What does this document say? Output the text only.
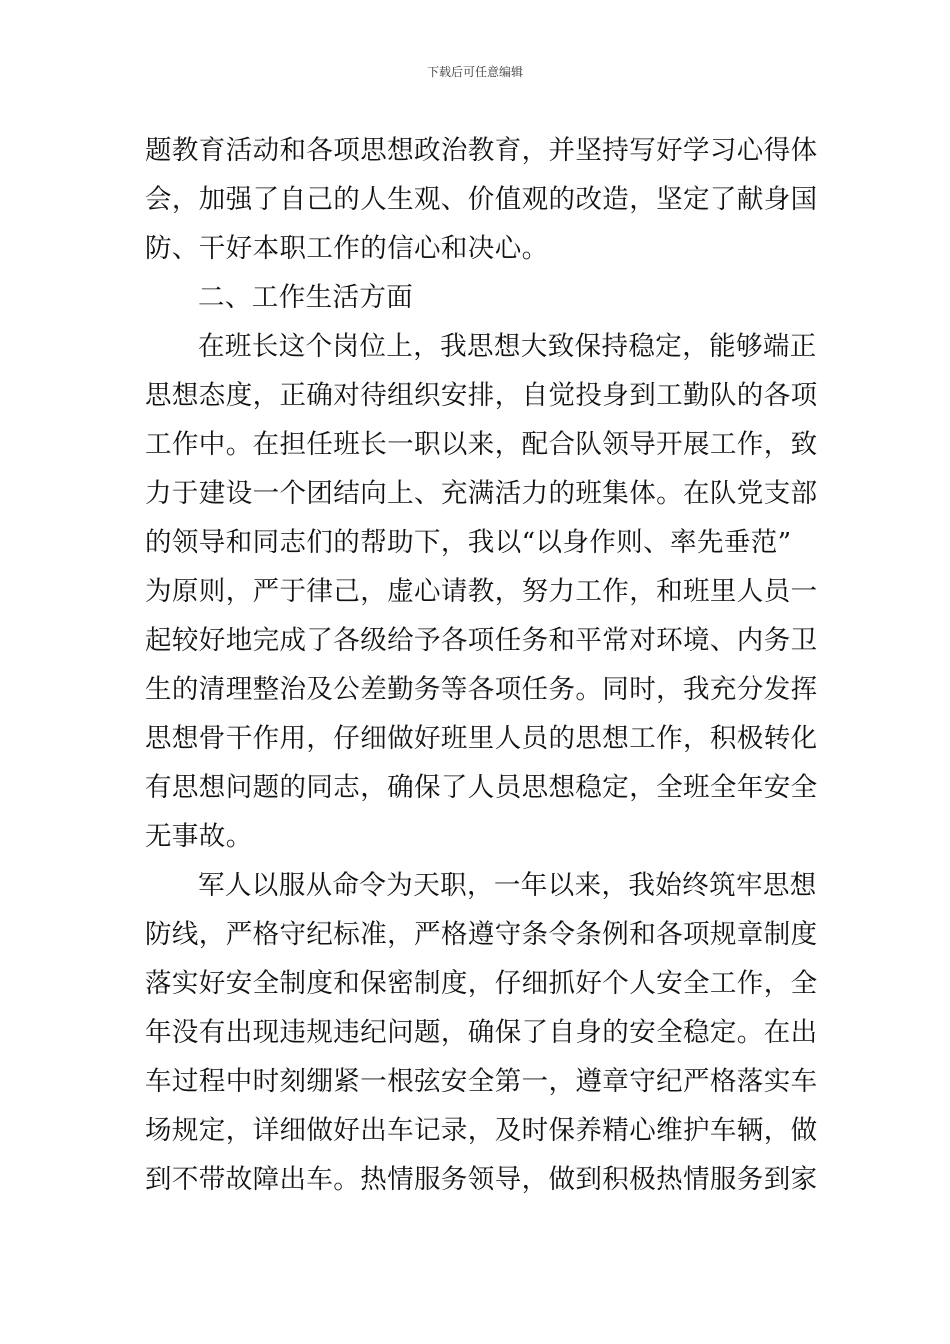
下载后可任意编辑
题教育活动和各项思想政治教育，并坚持写好学习心得体
会，加强了自己的人生观、价值观的改造，坚定了献身国
防、干好本职工作的信心和决心。
二、工作生活方面
在班长这个岗位上，我思想大致保持稳定，能够端正
思想态度，正确对待组织安排，自觉投身到工勤队的各项
工作中。在担任班长一职以来，配合队领导开展工作，致
力于建设一个团结向上、充满活力的班集体。在队党支部
的领导和同志们的帮助下，我以“以身作则、率先垂范”
为原则，严于律己，虚心请教，努力工作，和班里人员一
起较好地完成了各级给予各项任务和平常对环境、内务卫
生的清理整治及公差勤务等各项任务。同时，我充分发挥
思想骨干作用，仔细做好班里人员的思想工作，积极转化
有思想问题的同志，确保了人员思想稳定，全班全年安全
无事故。
军人以服从命令为天职，一年以来，我始终筑牢思想
防线，严格守纪标准，严格遵守条令条例和各项规章制度
落实好安全制度和保密制度，仔细抓好个人安全工作，全
年没有出现违规违纪问题，确保了自身的安全稳定。在出
车过程中时刻绷紧一根弦安全第一，遵章守纪严格落实车
场规定，详细做好出车记录，及时保养精心维护车辆，做
到不带故障出车。热情服务领导，做到积极热情服务到家
